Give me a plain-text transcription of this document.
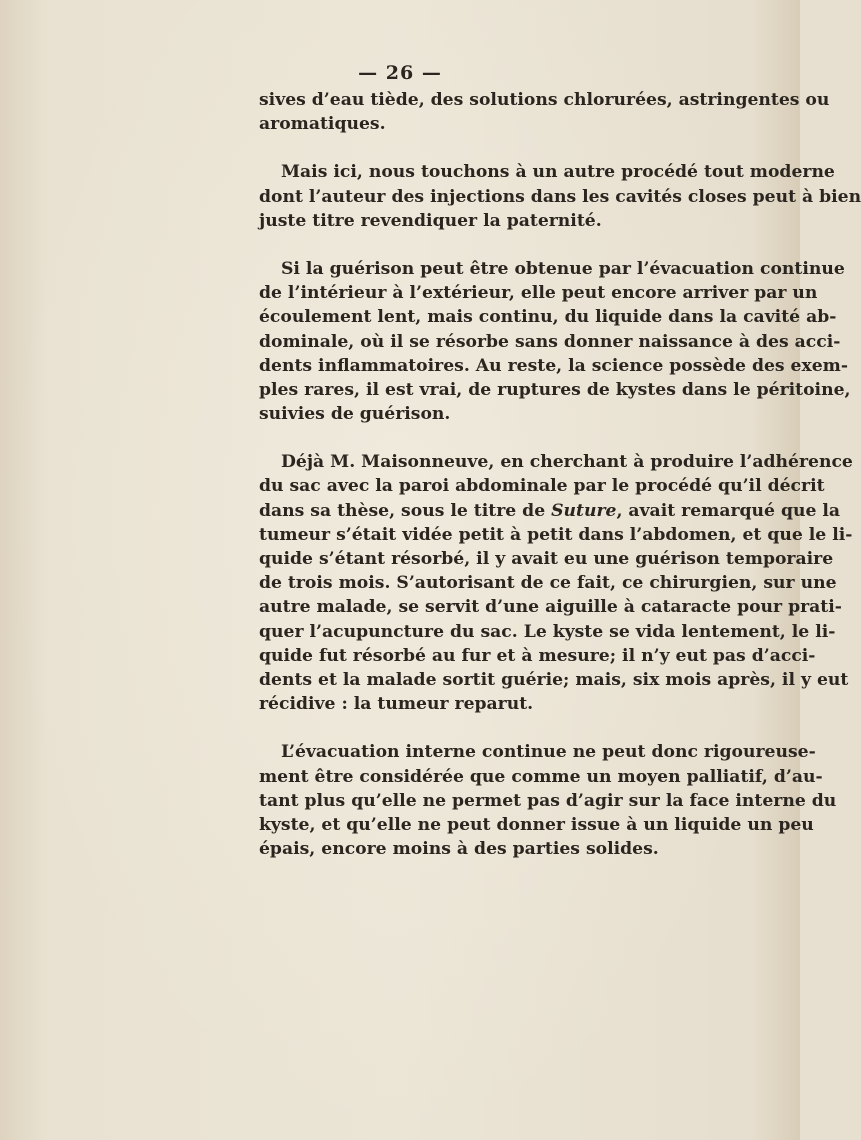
— 26 —
sives d’eau tiède, des solutions chlorurées, astringentes ou
aromatiques.
Mais ici, nous touchons à un autre procédé tout moderne
dont l’auteur des injections dans les cavités closes peut à bien
juste titre revendiquer la paternité.
Si la guérison peut être obtenue par l’évacuation continue
de l’intérieur à l’extérieur, elle peut encore arriver par un
écoulement lent, mais continu, du liquide dans la cavité ab-
dominale, où il se résorbe sans donner naissance à des acci-
dents inflammatoires. Au reste, la science possède des exem-
ples rares, il est vrai, de ruptures de kystes dans le péritoine,
suivies de guérison.
Déjà M. Maisonneuve, en cherchant à produire l’adhérence
du sac avec la paroi abdominale par le procédé qu’il décrit
dans sa thèse, sous le titre de Suture, avait remarqué que la
tumeur s’était vidée petit à petit dans l’abdomen, et que le li-
quide s’étant résorbé, il y avait eu une guérison temporaire
de trois mois. S’autorisant de ce fait, ce chirurgien, sur une
autre malade, se servit d’une aiguille à cataracte pour prati-
quer l’acupuncture du sac. Le kyste se vida lentement, le li-
quide fut résorbé au fur et à mesure; il n’y eut pas d’acci-
dents et la malade sortit guérie; mais, six mois après, il y eut
récidive : la tumeur reparut.
L’évacuation interne continue ne peut donc rigoureuse-
ment être considérée que comme un moyen palliatif, d’au-
tant plus qu’elle ne permet pas d’agir sur la face interne du
kyste, et qu’elle ne peut donner issue à un liquide un peu
épais, encore moins à des parties solides.
